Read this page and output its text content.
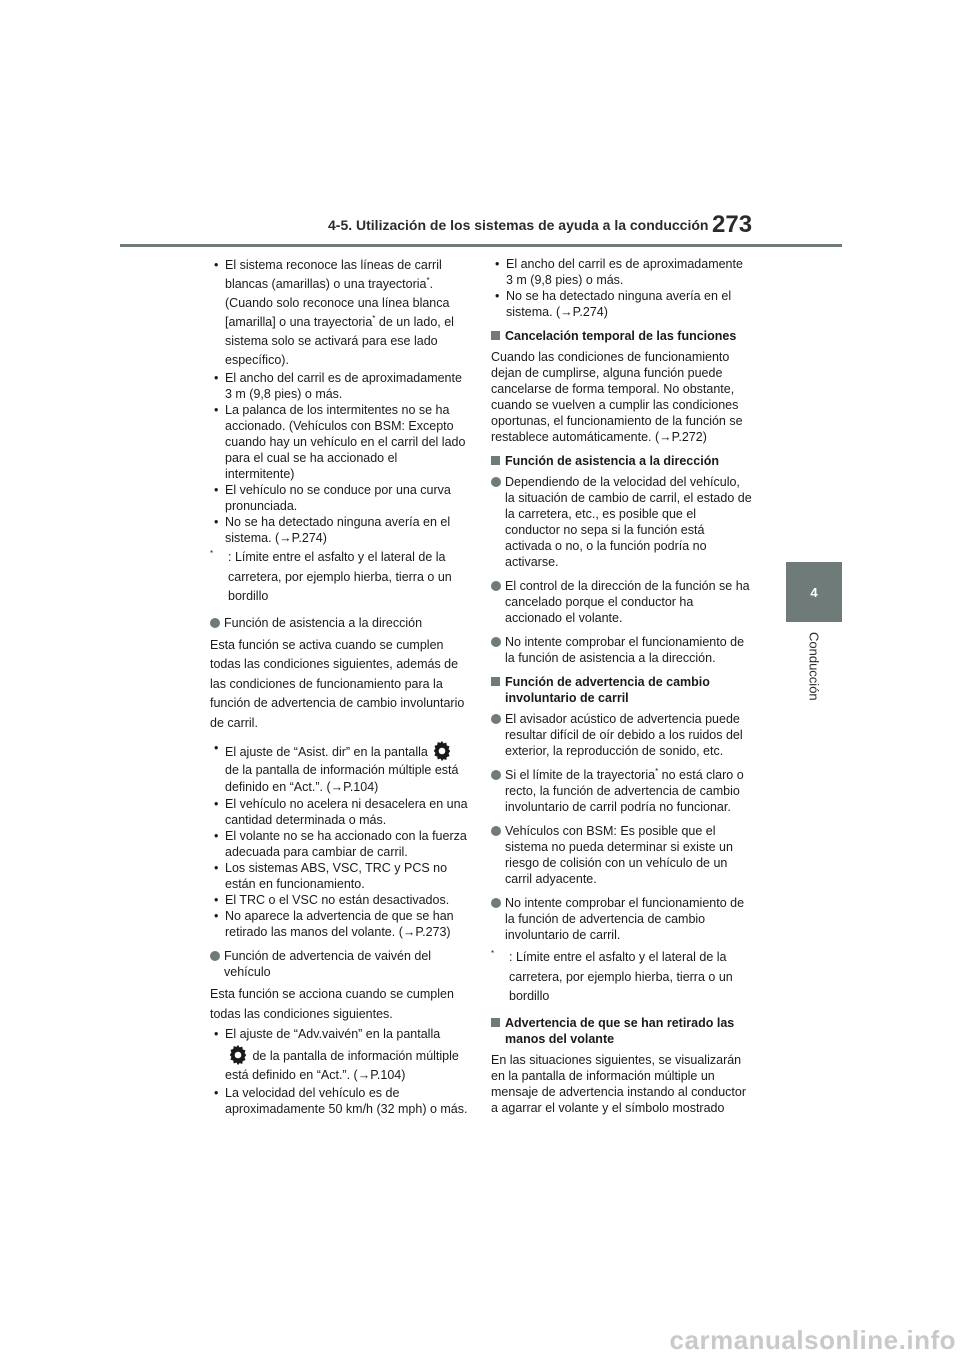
4-5. Utilización de los sistemas de ayuda a la conducción 273
4
Conducción
• El sistema reconoce las líneas de carril blancas (amarillas) o una trayectoria*. (Cuando solo reconoce una línea blanca [amarilla] o una trayectoria* de un lado, el sistema solo se activará para ese lado específico).
• El ancho del carril es de aproximadamente 3 m (9,8 pies) o más.
• La palanca de los intermitentes no se ha accionado. (Vehículos con BSM: Excepto cuando hay un vehículo en el carril del lado para el cual se ha accionado el intermitente)
• El vehículo no se conduce por una curva pronunciada.
• No se ha detectado ninguna avería en el sistema. (→P.274)
* : Límite entre el asfalto y el lateral de la carretera, por ejemplo hierba, tierra o un bordillo
Función de asistencia a la dirección

Esta función se activa cuando se cumplen todas las condiciones siguientes, además de las condiciones de funcionamiento para la función de advertencia de cambio involuntario de carril.

• El ajuste de “Asist. dir” en la pantalla
de la pantalla de información múltiple está definido en “Act.”. (→P.104)
• El vehículo no acelera ni desacelera en una cantidad determinada o más.
• El volante no se ha accionado con la fuerza adecuada para cambiar de carril.
• Los sistemas ABS, VSC, TRC y PCS no están en funcionamiento.
• El TRC o el VSC no están desactivados.
• No aparece la advertencia de que se han retirado las manos del volante. (→P.273)
Función de advertencia de vaivén del vehículo

Esta función se acciona cuando se cumplen todas las condiciones siguientes.

• El ajuste de “Adv.vaivén” en la pantalla

de la pantalla de información múltiple está definido en “Act.”. (→P.104)
• La velocidad del vehículo es de aproximadamente 50 km/h (32 mph) o más.
• El ancho del carril es de aproximadamente 3 m (9,8 pies) o más.
• No se ha detectado ninguna avería en el sistema. (→P.274)
Cancelación temporal de las funciones

Cuando las condiciones de funcionamiento dejan de cumplirse, alguna función puede cancelarse de forma temporal. No obstante, cuando se vuelven a cumplir las condiciones oportunas, el funcionamiento de la función se restablece automáticamente. (→P.272)

Función de asistencia a la dirección
Dependiendo de la velocidad del vehículo, la situación de cambio de carril, el estado de la carretera, etc., es posible que el conductor no sepa si la función está activada o no, o la función podría no activarse.
El control de la dirección de la función se ha cancelado porque el conductor ha accionado el volante.
No intente comprobar el funcionamiento de la función de asistencia a la dirección.
Función de advertencia de cambio involuntario de carril
El avisador acústico de advertencia puede resultar difícil de oír debido a los ruidos del exterior, la reproducción de sonido, etc.
Si el límite de la trayectoria* no está claro o recto, la función de advertencia de cambio involuntario de carril podría no funcionar.
Vehículos con BSM: Es posible que el sistema no pueda determinar si existe un riesgo de colisión con un vehículo de un carril adyacente.
No intente comprobar el funcionamiento de la función de advertencia de cambio involuntario de carril.
* : Límite entre el asfalto y el lateral de la carretera, por ejemplo hierba, tierra o un bordillo
Advertencia de que se han retirado las manos del volante

En las situaciones siguientes, se visualizarán en la pantalla de información múltiple un mensaje de advertencia instando al conductor a agarrar el volante y el símbolo mostrado

carmanualsonline.info
